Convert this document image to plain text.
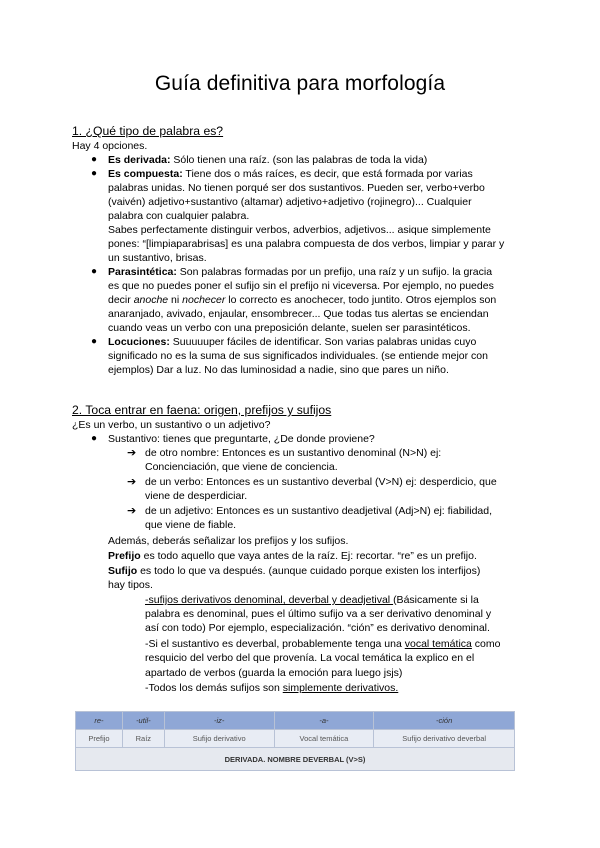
Guía definitiva para morfología
1. ¿Qué tipo de palabra es?
Hay 4 opciones.
● Es derivada: Sólo tienen una raíz. (son las palabras de toda la vida)
● Es compuesta: Tiene dos o más raíces, es decir, que está formada por varias
palabras unidas. No tienen porqué ser dos sustantivos. Pueden ser, verbo+verbo
(vaivén) adjetivo+sustantivo (altamar) adjetivo+adjetivo (rojinegro)... Cualquier
palabra con cualquier palabra.
Sabes perfectamente distinguir verbos, adverbios, adjetivos... asique simplemente
pones: “[limpiaparabrisas] es una palabra compuesta de dos verbos, limpiar y parar y
un sustantivo, brisas.
● Parasintética: Son palabras formadas por un prefijo, una raíz y un sufijo. la gracia
es que no puedes poner el sufijo sin el prefijo ni viceversa. Por ejemplo, no puedes
decir anoche ni nochecer lo correcto es anochecer, todo juntito. Otros ejemplos son
anaranjado, avivado, enjaular, ensombrecer... Que todas tus alertas se enciendan
cuando veas un verbo con una preposición delante, suelen ser parasintéticos.
● Locuciones: Suuuuuper fáciles de identificar. Son varias palabras unidas cuyo
significado no es la suma de sus significados individuales. (se entiende mejor con
ejemplos) Dar a luz. No das luminosidad a nadie, sino que pares un niño.
2. Toca entrar en faena: origen, prefijos y sufijos
¿Es un verbo, un sustantivo o un adjetivo?
● Sustantivo: tienes que preguntarte, ¿De donde proviene?
➔ de otro nombre: Entonces es un sustantivo denominal (N>N) ej:
Concienciación, que viene de conciencia.
➔ de un verbo: Entonces es un sustantivo deverbal (V>N) ej: desperdicio, que
viene de desperdiciar.
➔ de un adjetivo: Entonces es un sustantivo deadjetival (Adj>N) ej: fiabilidad,
que viene de fiable.
Además, deberás señalizar los prefijos y los sufijos.
Prefijo es todo aquello que vaya antes de la raíz. Ej: recortar. “re” es un prefijo.
Sufijo es todo lo que va después. (aunque cuidado porque existen los interfijos)
hay tipos.
-sufijos derivativos denominal, deverbal y deadjetival (Básicamente si la
palabra es denominal, pues el último sufijo va a ser derivativo denominal y
así con todo) Por ejemplo, especialización. “ción” es derivativo denominal.
-Si el sustantivo es deverbal, probablemente tenga una vocal temática como
resquicio del verbo del que provenía. La vocal temática la explico en el
apartado de verbos (guarda la emoción para luego jsjs)
-Todos los demás sufijos son simplemente derivativos.
re-	-util-	-iz-	-a-	-ción
Prefijo	Raíz	Sufijo derivativo	Vocal temática	Sufijo derivativo deverbal
DERIVADA. NOMBRE DEVERBAL (V>S)				
